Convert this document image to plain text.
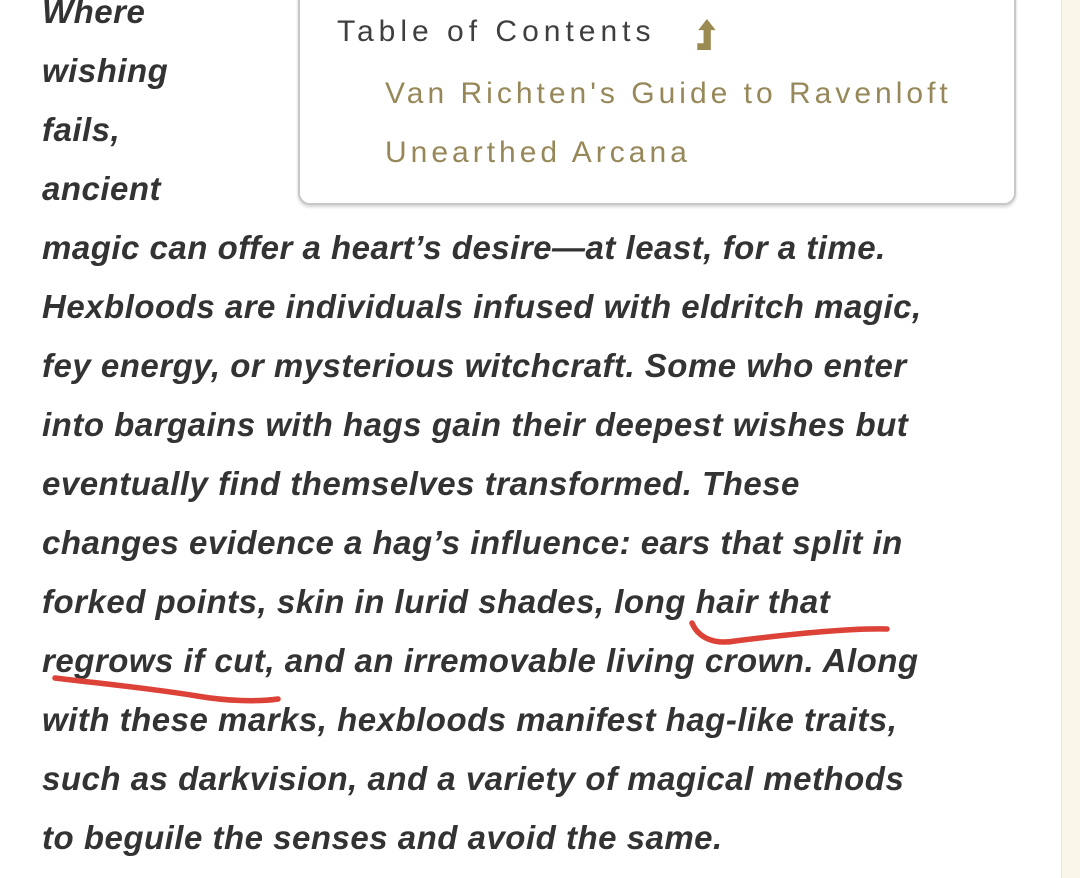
Where
wishing
fails,
ancient
magic can offer a heart’s desire—at least, for a time.
Hexbloods are individuals infused with eldritch magic,
fey energy, or mysterious witchcraft. Some who enter
into bargains with hags gain their deepest wishes but
eventually find themselves transformed. These
changes evidence a hag’s influence: ears that split in
forked points, skin in lurid shades, long hair that
regrows if cut, and an irremovable living crown. Along
with these marks, hexbloods manifest hag-like traits,
such as darkvision, and a variety of magical methods
to beguile the senses and avoid the same.
Table of Contents
Van Richten's Guide to Ravenloft
Unearthed Arcana
